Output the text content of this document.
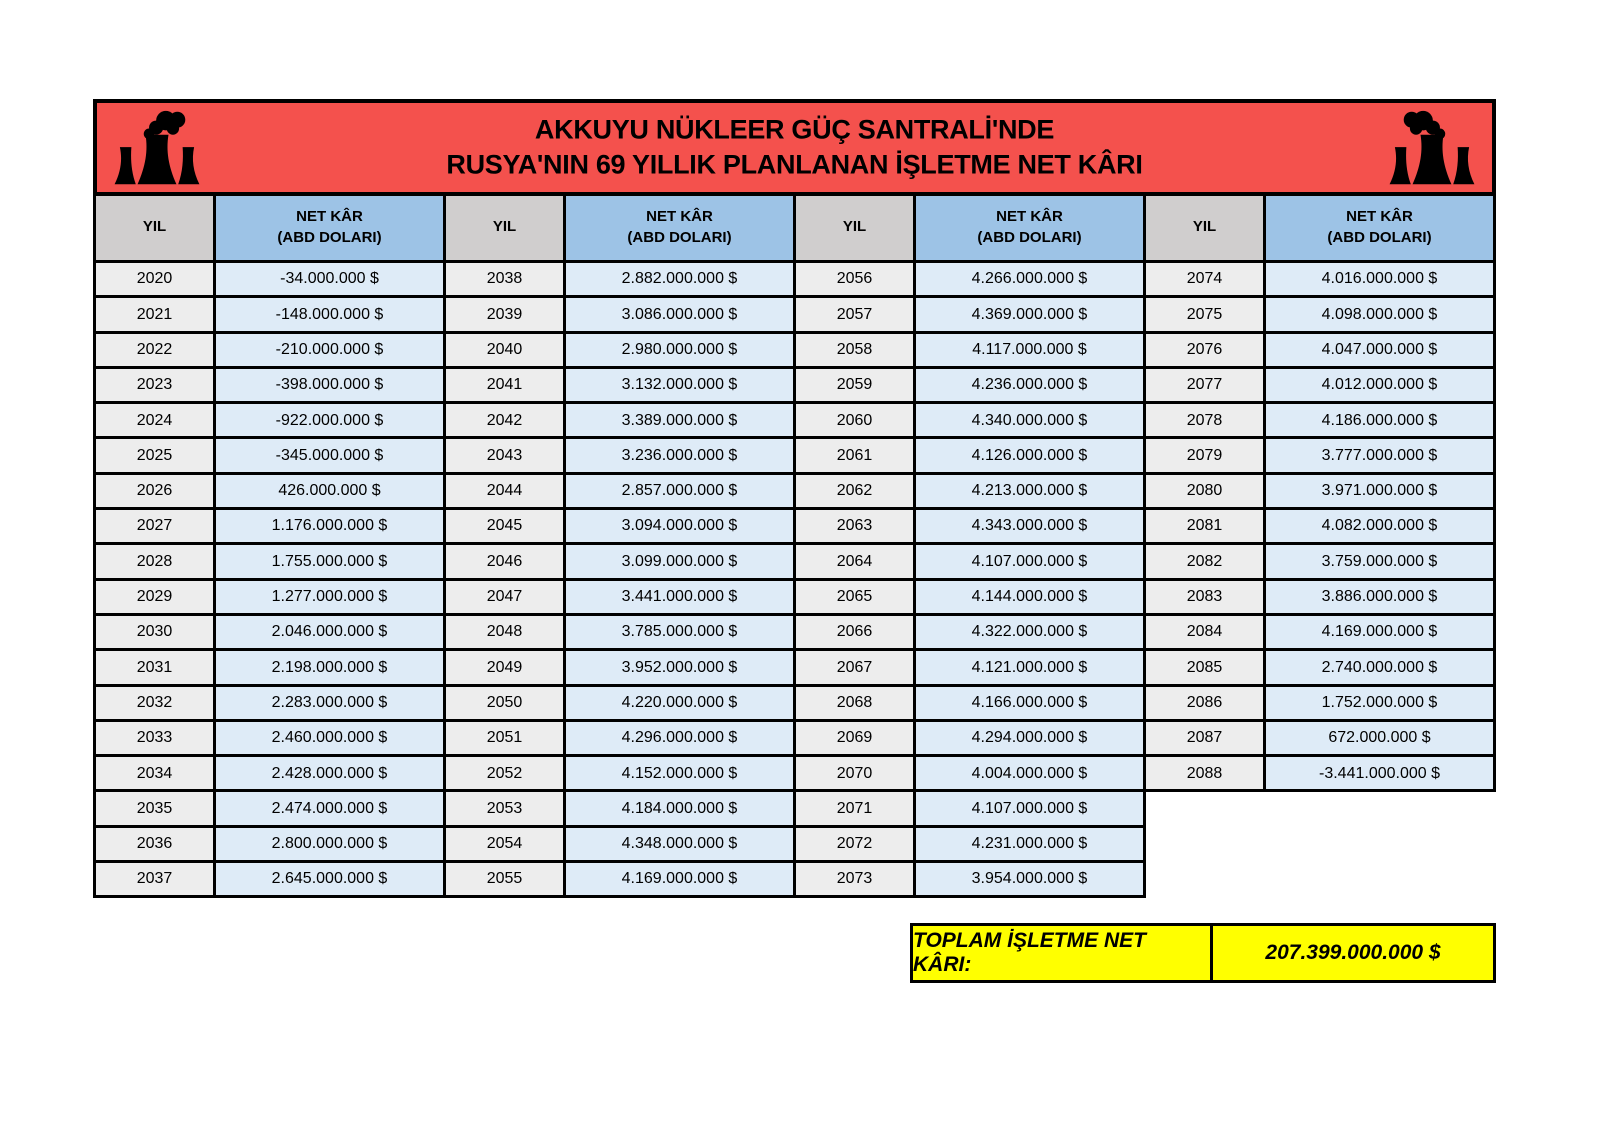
AKKUYU NÜKLEER GÜÇ SANTRALİ'NDE
RUSYA'NIN 69 YILLIK PLANLANAN İŞLETME NET KÂRI
YIL
NET KÂR
(ABD DOLARI)
2020	-34.000.000 $
2021	-148.000.000 $
2022	-210.000.000 $
2023	-398.000.000 $
2024	-922.000.000 $
2025	-345.000.000 $
2026	426.000.000 $
2027	1.176.000.000 $
2028	1.755.000.000 $
2029	1.277.000.000 $
2030	2.046.000.000 $
2031	2.198.000.000 $
2032	2.283.000.000 $
2033	2.460.000.000 $
2034	2.428.000.000 $
2035	2.474.000.000 $
2036	2.800.000.000 $
2037	2.645.000.000 $
YIL
NET KÂR
(ABD DOLARI)
2038	2.882.000.000 $
2039	3.086.000.000 $
2040	2.980.000.000 $
2041	3.132.000.000 $
2042	3.389.000.000 $
2043	3.236.000.000 $
2044	2.857.000.000 $
2045	3.094.000.000 $
2046	3.099.000.000 $
2047	3.441.000.000 $
2048	3.785.000.000 $
2049	3.952.000.000 $
2050	4.220.000.000 $
2051	4.296.000.000 $
2052	4.152.000.000 $
2053	4.184.000.000 $
2054	4.348.000.000 $
2055	4.169.000.000 $
YIL
NET KÂR
(ABD DOLARI)
2056	4.266.000.000 $
2057	4.369.000.000 $
2058	4.117.000.000 $
2059	4.236.000.000 $
2060	4.340.000.000 $
2061	4.126.000.000 $
2062	4.213.000.000 $
2063	4.343.000.000 $
2064	4.107.000.000 $
2065	4.144.000.000 $
2066	4.322.000.000 $
2067	4.121.000.000 $
2068	4.166.000.000 $
2069	4.294.000.000 $
2070	4.004.000.000 $
2071	4.107.000.000 $
2072	4.231.000.000 $
2073	3.954.000.000 $
YIL
NET KÂR
(ABD DOLARI)
2074	4.016.000.000 $
2075	4.098.000.000 $
2076	4.047.000.000 $
2077	4.012.000.000 $
2078	4.186.000.000 $
2079	3.777.000.000 $
2080	3.971.000.000 $
2081	4.082.000.000 $
2082	3.759.000.000 $
2083	3.886.000.000 $
2084	4.169.000.000 $
2085	2.740.000.000 $
2086	1.752.000.000 $
2087	672.000.000 $
2088	-3.441.000.000 $
TOPLAM İŞLETME NET KÂRI:
207.399.000.000 $
